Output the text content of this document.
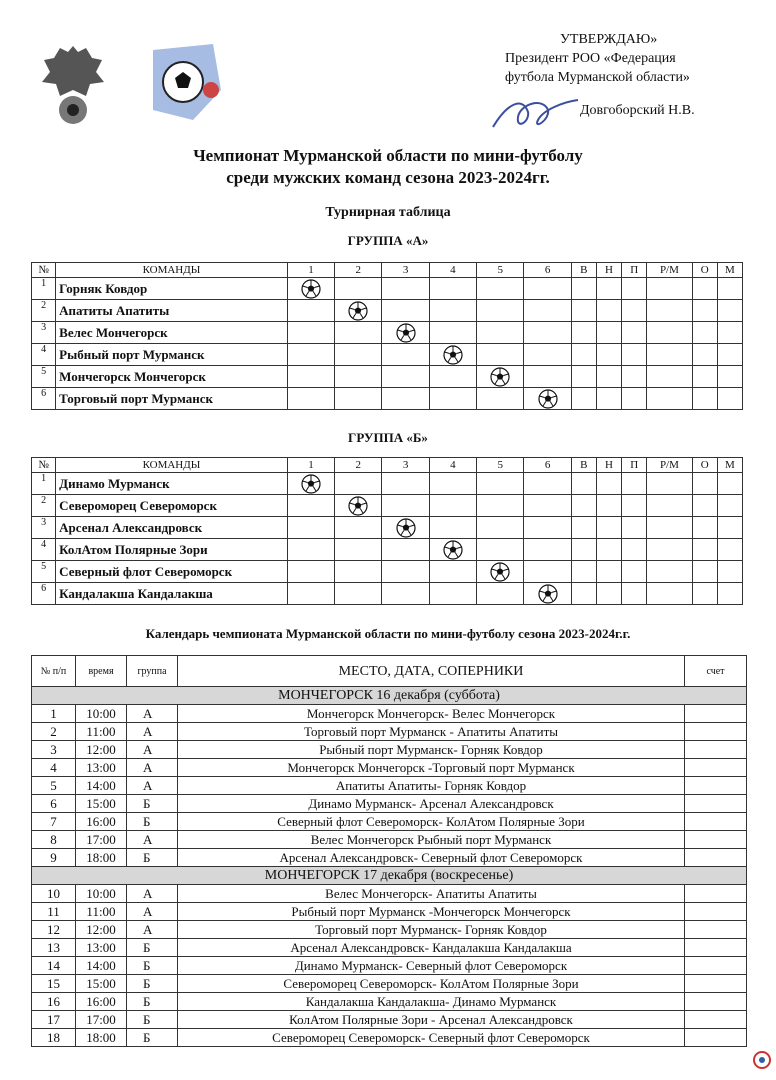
УТВЕРЖДАЮ»
Президент РОО «Федерация
футбола Мурманской области»
Довгоборский Н.В.
Чемпионат Мурманской области по мини-футболу
среди мужских команд сезона 2023-2024гг.
Турнирная таблица
ГРУППА «А»
№	КОМАНДЫ	1	2	3	4	5	6	В	Н	П	Р/М	О	М
1	Горняк Ковдор	

2	Апатиты Апатиты		

3	Велес Мончегорск			

4	Рыбный порт Мурманск				

5	Мончегорск Мончегорск					

6	Торговый порт Мурманск						

ГРУППА «Б»
№	КОМАНДЫ	1	2	3	4	5	6	В	Н	П	Р/М	О	М
1	Динамо Мурманск	

2	Североморец Североморск		

3	Арсенал Александровск			

4	КолАтом Полярные Зори				

5	Северный флот Североморск					

6	Кандалакша Кандалакша						

Календарь чемпионата Мурманской области по мини-футболу сезона 2023-2024г.г.
№ п/п	время	группа	МЕСТО, ДАТА, СОПЕРНИКИ	счет
МОНЧЕГОРСК 16 декабря (суббота)				
1	10:00	А	Мончегорск Мончегорск- Велес Мончегорск	
2	11:00	А	Торговый порт Мурманск - Апатиты Апатиты	
3	12:00	А	Рыбный порт Мурманск- Горняк Ковдор	
4	13:00	А	Мончегорск Мончегорск -Торговый порт Мурманск	
5	14:00	А	Апатиты Апатиты- Горняк Ковдор	
6	15:00	Б	Динамо Мурманск- Арсенал Александровск	
7	16:00	Б	Северный флот Североморск- КолАтом Полярные Зори	
8	17:00	А	Велес Мончегорск Рыбный порт Мурманск	
9	18:00	Б	Арсенал Александровск- Северный флот Североморск	
МОНЧЕГОРСК 17 декабря (воскресенье)				
10	10:00	А	Велес Мончегорск- Апатиты Апатиты	
11	11:00	А	Рыбный порт Мурманск -Мончегорск Мончегорск	
12	12:00	А	Торговый порт Мурманск- Горняк Ковдор	
13	13:00	Б	Арсенал Александровск- Кандалакша Кандалакша	
14	14:00	Б	Динамо Мурманск- Северный флот Североморск	
15	15:00	Б	Североморец Североморск- КолАтом Полярные Зори	
16	16:00	Б	Кандалакша Кандалакша- Динамо Мурманск	
17	17:00	Б	КолАтом Полярные Зори - Арсенал Александровск	
18	18:00	Б	Североморец Североморск- Северный флот Североморск	
